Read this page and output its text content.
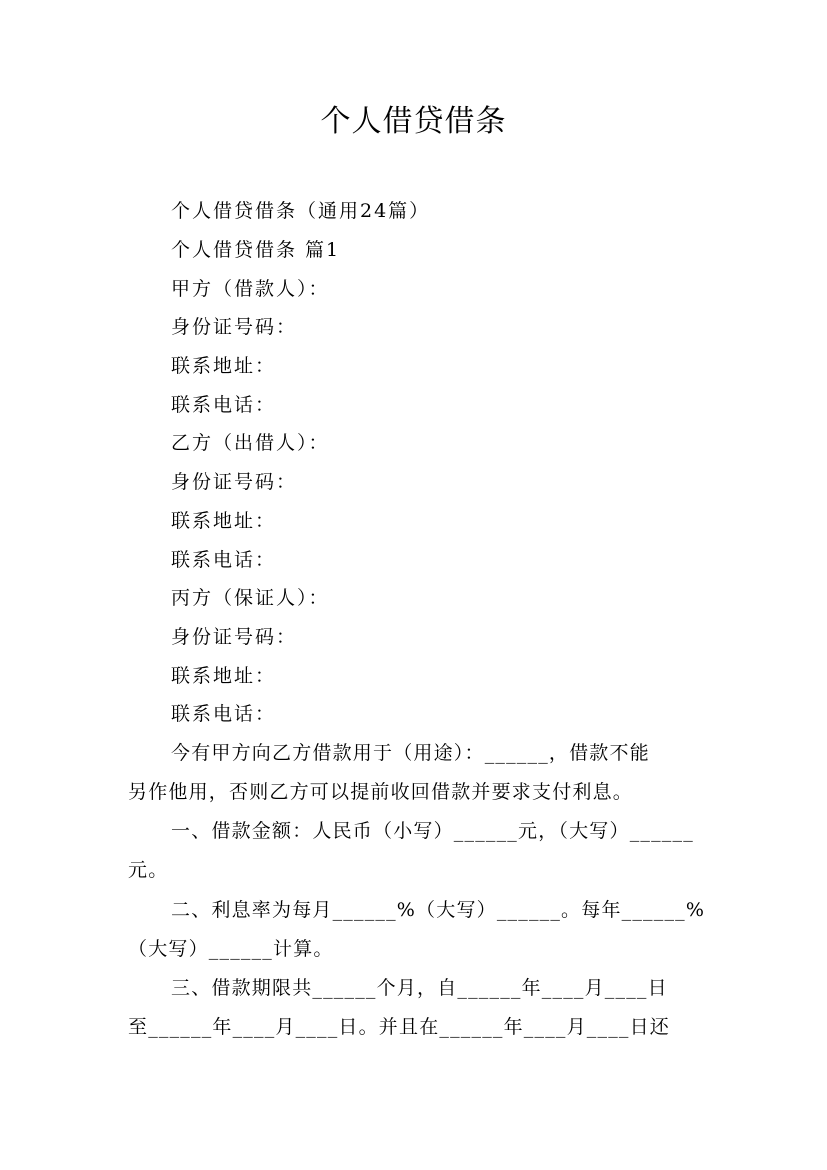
个人借贷借条
个人借贷借条（通用24篇）
个人借贷借条 篇1
甲方（借款人）：
身份证号码：
联系地址：
联系电话：
乙方（出借人）：
身份证号码：
联系地址：
联系电话：
丙方（保证人）：
身份证号码：
联系地址：
联系电话：
今有甲方向乙方借款用于（用途）：______，借款不能
另作他用，否则乙方可以提前收回借款并要求支付利息。
一、借款金额：人民币（小写）______元，（大写）______
元。
二、利息率为每月______%（大写）______。每年______%
（大写）______计算。
三、借款期限共______个月，自______年____月____日
至______年____月____日。并且在______年____月____日还
